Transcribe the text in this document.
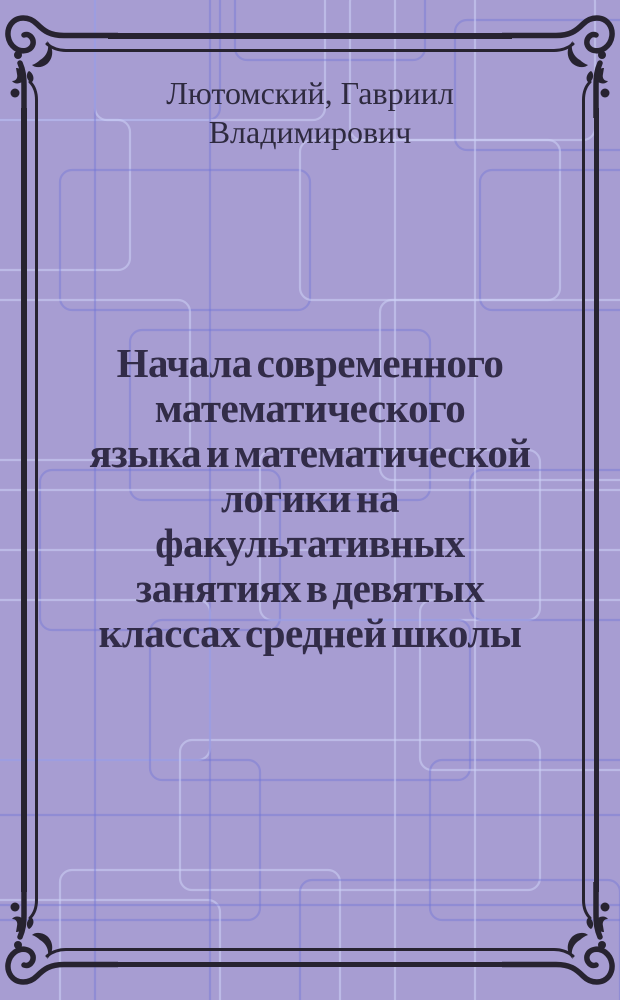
Лютомский, Гавриил
Владимирович
Начала современного
математического
языка и математической
логики на
факультативных
занятиях в девятых
классах средней школы
